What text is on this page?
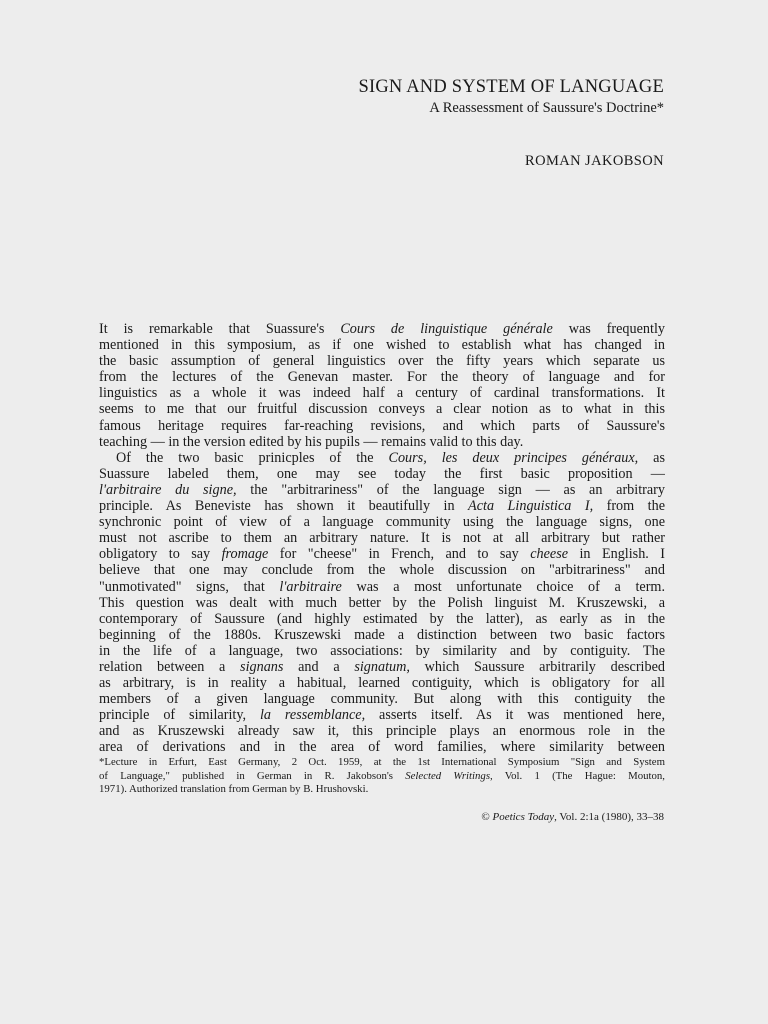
SIGN AND SYSTEM OF LANGUAGE
A Reassessment of Saussure's Doctrine*
ROMAN JAKOBSON
It is remarkable that Suassure's Cours de linguistique générale was frequently
mentioned in this symposium, as if one wished to establish what has changed in
the basic assumption of general linguistics over the fifty years which separate us
from the lectures of the Genevan master. For the theory of language and for
linguistics as a whole it was indeed half a century of cardinal transformations. It
seems to me that our fruitful discussion conveys a clear notion as to what in this
famous heritage requires far-reaching revisions, and which parts of Saussure's
teaching — in the version edited by his pupils — remains valid to this day.
Of the two basic prinicples of the Cours, les deux principes généraux, as
Suassure labeled them, one may see today the first basic proposition —
l'arbitraire du signe, the "arbitrariness" of the language sign — as an arbitrary
principle. As Beneviste has shown it beautifully in Acta Linguistica I, from the
synchronic point of view of a language community using the language signs, one
must not ascribe to them an arbitrary nature. It is not at all arbitrary but rather
obligatory to say fromage for "cheese" in French, and to say cheese in English. I
believe that one may conclude from the whole discussion on "arbitrariness" and
"unmotivated" signs, that l'arbitraire was a most unfortunate choice of a term.
This question was dealt with much better by the Polish linguist M. Kruszewski, a
contemporary of Saussure (and highly estimated by the latter), as early as in the
beginning of the 1880s. Kruszewski made a distinction between two basic factors
in the life of a language, two associations: by similarity and by contiguity. The
relation between a signans and a signatum, which Saussure arbitrarily described
as arbitrary, is in reality a habitual, learned contiguity, which is obligatory for all
members of a given language community. But along with this contiguity the
principle of similarity, la ressemblance, asserts itself. As it was mentioned here,
and as Kruszewski already saw it, this principle plays an enormous role in the
area of derivations and in the area of word families, where similarity between
*Lecture in Erfurt, East Germany, 2 Oct. 1959, at the 1st International Symposium "Sign and System
of Language," published in German in R. Jakobson's Selected Writings, Vol. 1 (The Hague: Mouton,
1971). Authorized translation from German by B. Hrushovski.
© Poetics Today, Vol. 2:1a (1980), 33–38
